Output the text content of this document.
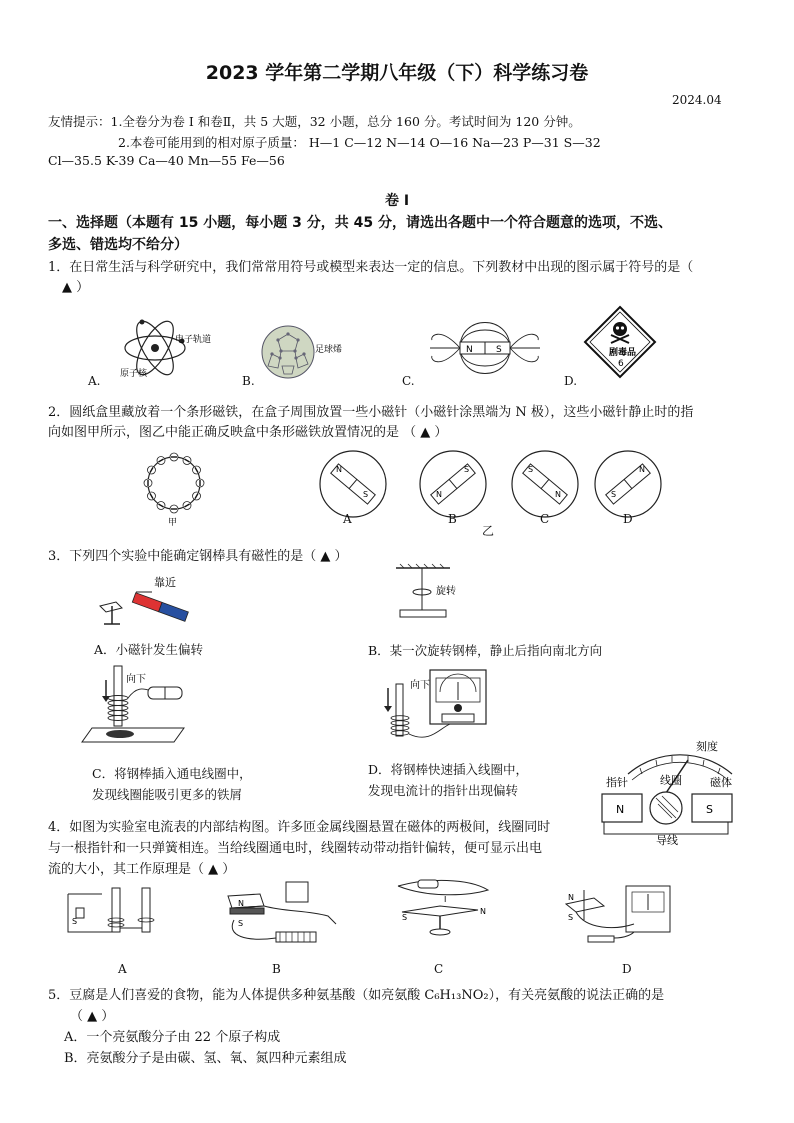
2023 学年第二学期八年级（下）科学练习卷
2024.04
友情提示：1.全卷分为卷 I 和卷Ⅱ，共 5 大题，32 小题，总分 160 分。考试时间为 120 分钟。
2.本卷可能用到的相对原子质量： H—1 C—12 N—14 O—16 Na—23 P—31 S—32
Cl—35.5 K-39 Ca—40 Mn—55 Fe—56
卷 I
一、选择题（本题有 15 小题，每小题 3 分，共 45 分，请选出各题中一个符合题意的选项，不选、
多选、错选均不给分）
1．在日常生活与科学研究中，我们常常用符号或模型来表达一定的信息。下列教材中出现的图示属于符号的是（
▲ ）
电子轨道
原子核
足球烯	N	S	剧毒品
6
A.	B.	C.	D.
2．圆纸盒里藏放着一个条形磁铁，在盒子周围放置一些小磁针（小磁针涂黑端为 N 极），这些小磁针静止时的指
向如图甲所示，图乙中能正确反映盒中条形磁铁放置情况的是 （ ▲ ）
甲
N
S	N
S	S
N	S
N
A	B	C	D
乙
3．下列四个实验中能确定钢棒具有磁性的是（ ▲ ）
靠近
A．小磁针发生偏转
旋转
B．某一次旋转钢棒，静止后指向南北方向
向下
C．将钢棒插入通电线圈中，
发现线圈能吸引更多的铁屑
向下
D．将钢棒快速插入线圈中，
发现电流计的指针出现偏转
N	S
刻度
指针	线圈	磁体
导线
4．如图为实验室电流表的内部结构图。许多匝金属线圈悬置在磁体的两极间，线圈同时
与一根指针和一只弹簧相连。当给线圈通电时，线圈转动带动指针偏转，便可显示出电
流的大小，其工作原理是（ ▲ ）
S
N
S
S
N
I	N
S
A	B	C	D
5．豆腐是人们喜爱的食物，能为人体提供多种氨基酸（如亮氨酸 C₆H₁₃NO₂），有关亮氨酸的说法正确的是
（ ▲ ）
A．一个亮氨酸分子由 22 个原子构成
B．亮氨酸分子是由碳、氢、氧、氮四种元素组成
